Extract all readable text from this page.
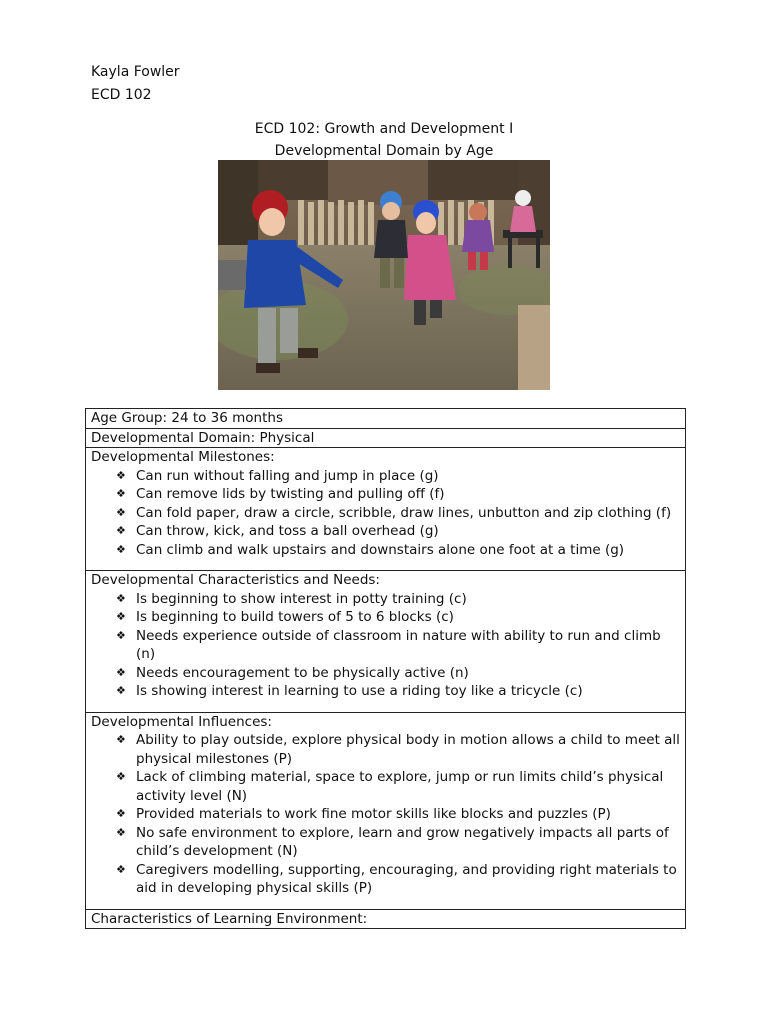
Kayla Fowler
ECD 102
ECD 102: Growth and Development I
Developmental Domain by Age
Age Group: 24 to 36 months
Developmental Domain: Physical

Developmental Milestones:
❖ Can run without falling and jump in place (g)
❖ Can remove lids by twisting and pulling off (f)
❖ Can fold paper, draw a circle, scribble, draw lines, unbutton and zip clothing (f)
❖ Can throw, kick, and toss a ball overhead (g)
❖ Can climb and walk upstairs and downstairs alone one foot at a time (g)

Developmental Characteristics and Needs:
❖ Is beginning to show interest in potty training (c)
❖ Is beginning to build towers of 5 to 6 blocks (c)
❖ Needs experience outside of classroom in nature with ability to run and climb (n)
❖ Needs encouragement to be physically active (n)
❖ Is showing interest in learning to use a riding toy like a tricycle (c)

Developmental Influences:
❖ Ability to play outside, explore physical body in motion allows a child to meet all physical milestones (P)
❖ Lack of climbing material, space to explore, jump or run limits child’s physical activity level (N)
❖ Provided materials to work fine motor skills like blocks and puzzles (P)
❖ No safe environment to explore, learn and grow negatively impacts all parts of child’s development (N)
❖ Caregivers modelling, supporting, encouraging, and providing right materials to aid in developing physical skills (P)

Characteristics of Learning Environment:
